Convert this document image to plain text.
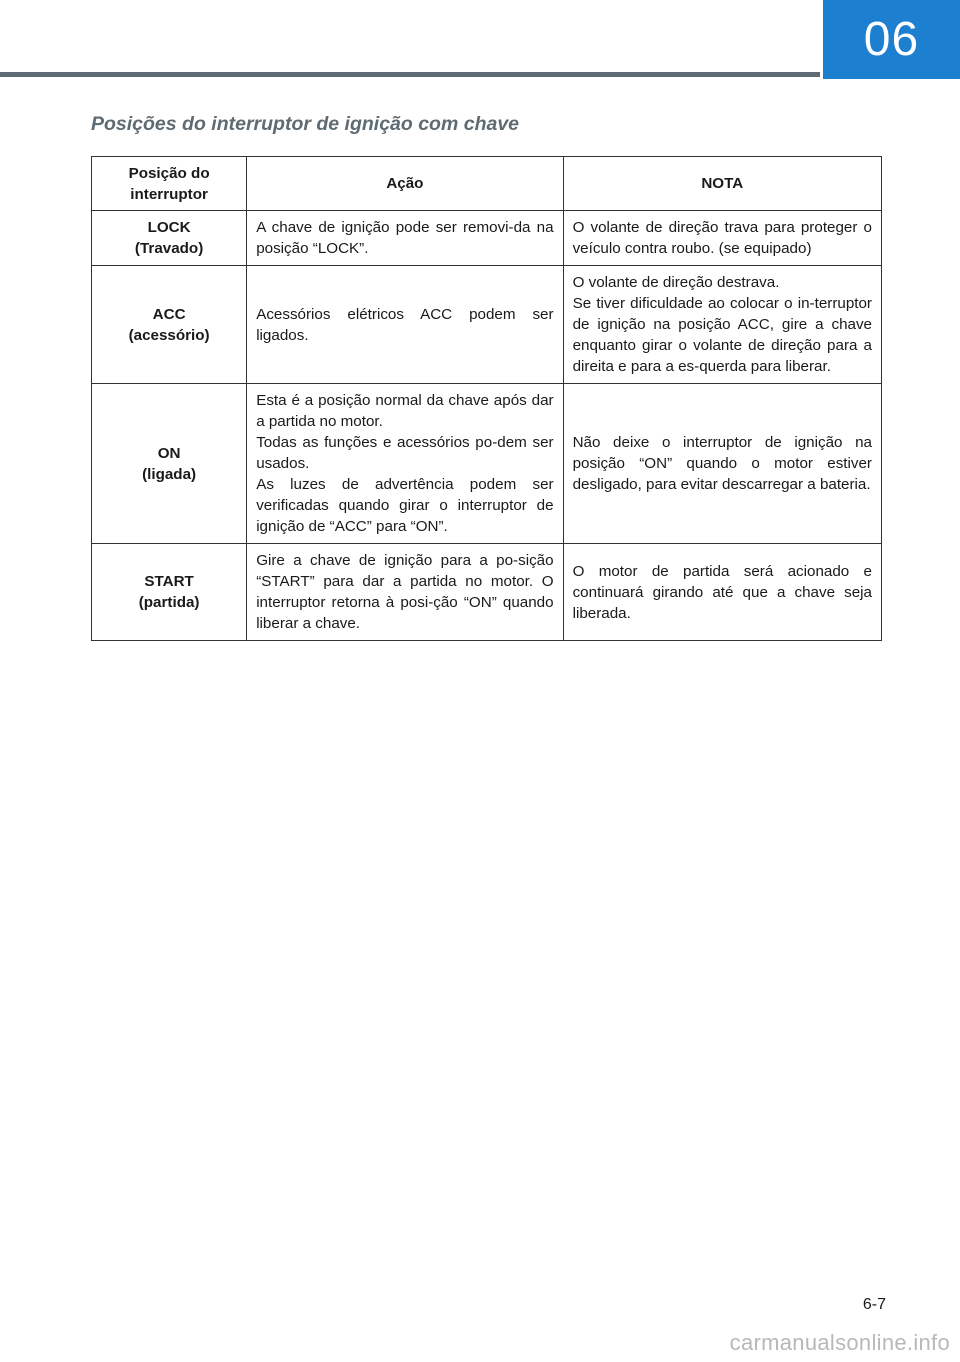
06
Posições do interruptor de ignição com chave
Posição do interruptor	Ação	NOTA

LOCK
(Travado)	A chave de ignição pode ser removi-da na posição “LOCK”.	O volante de direção trava para proteger o veículo contra roubo. (se equipado)

ACC
(acessório)	Acessórios elétricos ACC podem ser ligados.	O volante de direção destrava.
Se tiver dificuldade ao colocar o in-terruptor de ignição na posição ACC, gire a chave enquanto girar o volante de direção para a direita e para a es-querda para liberar.

ON
(ligada)	Esta é a posição normal da chave após dar a partida no motor.
Todas as funções e acessórios po-dem ser usados.
As luzes de advertência podem ser verificadas quando girar o interruptor de ignição de “ACC” para “ON”.	Não deixe o interruptor de ignição na posição “ON” quando o motor estiver desligado, para evitar descarregar a bateria.

START
(partida)	Gire a chave de ignição para a po-sição “START” para dar a partida no motor. O interruptor retorna à posi-ção “ON” quando liberar a chave.	O motor de partida será acionado e continuará girando até que a chave seja liberada.
6-7
carmanualsonline.info
